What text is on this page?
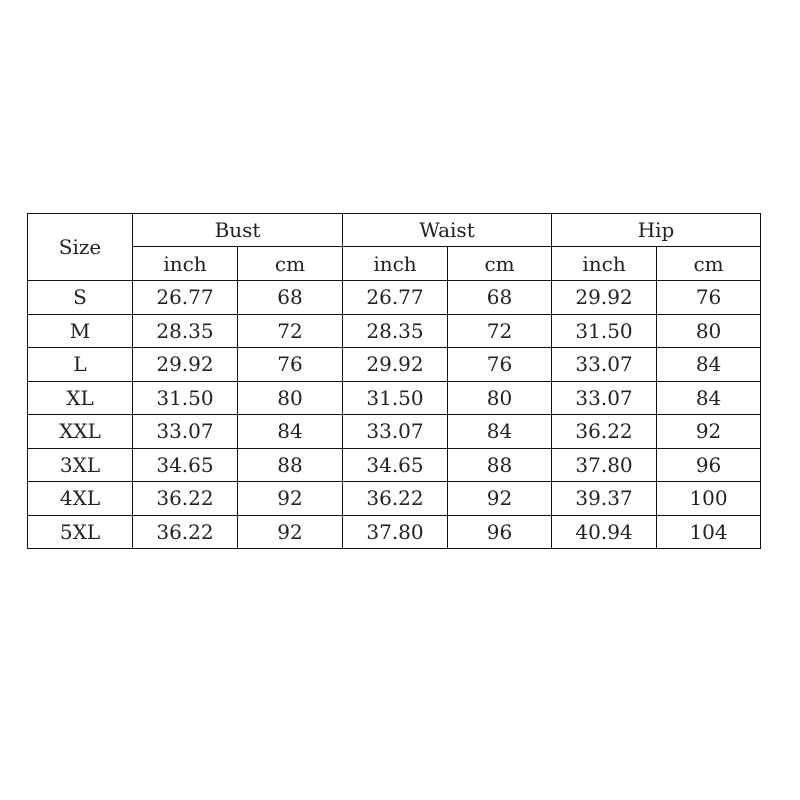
Size	Bust		Waist		Hip	
	inch	cm	inch	cm	inch	cm
S	26.77	68	26.77	68	29.92	76
M	28.35	72	28.35	72	31.50	80
L	29.92	76	29.92	76	33.07	84
XL	31.50	80	31.50	80	33.07	84
XXL	33.07	84	33.07	84	36.22	92
3XL	34.65	88	34.65	88	37.80	96
4XL	36.22	92	36.22	92	39.37	100
5XL	36.22	92	37.80	96	40.94	104
